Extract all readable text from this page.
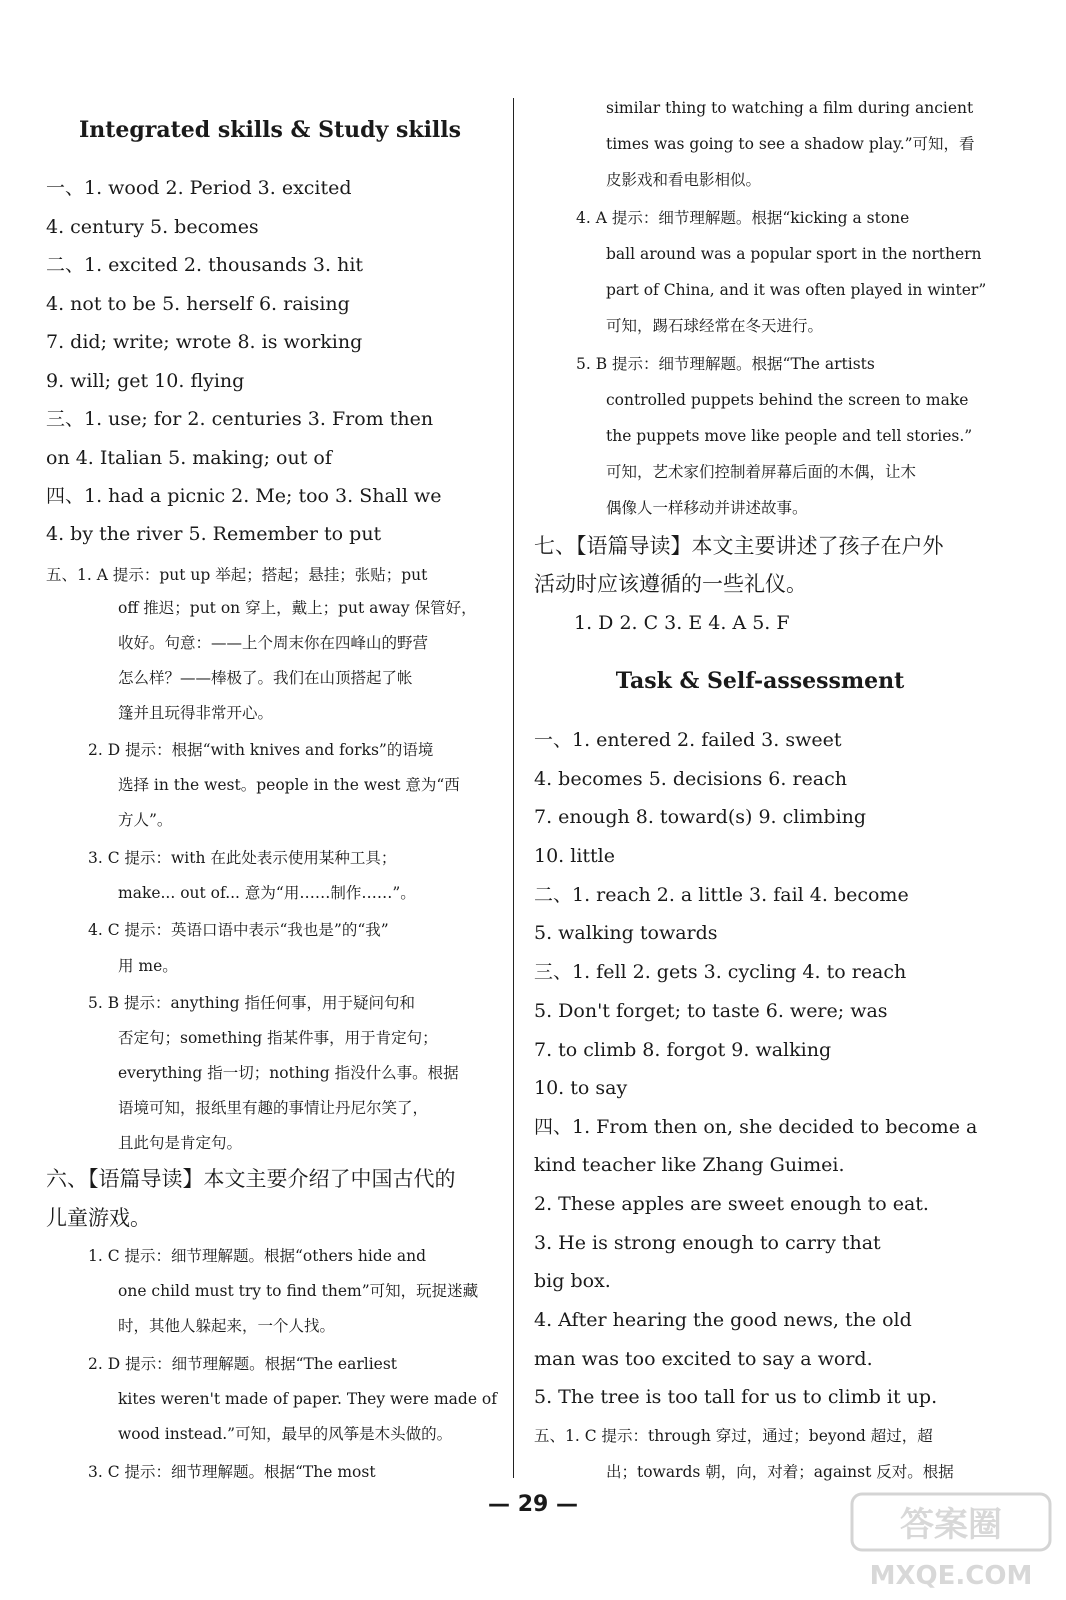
Integrated skills & Study skills
一、1. wood 2. Period 3. excited
4. century 5. becomes
二、1. excited 2. thousands 3. hit
4. not to be 5. herself 6. raising
7. did; write; wrote 8. is working
9. will; get 10. flying
三、1. use; for 2. centuries 3. From then
on 4. Italian 5. making; out of
四、1. had a picnic 2. Me; too 3. Shall we
4. by the river 5. Remember to put
五、1. A 提示：put up 举起；搭起；悬挂；张贴；put
off 推迟；put on 穿上，戴上；put away 保管好，
收好。句意：——上个周末你在四峰山的野营
怎么样？——棒极了。我们在山顶搭起了帐
篷并且玩得非常开心。
2. D 提示：根据“with knives and forks”的语境
选择 in the west。people in the west 意为“西
方人”。
3. C 提示：with 在此处表示使用某种工具；
make... out of... 意为“用……制作……”。
4. C 提示：英语口语中表示“我也是”的“我”
用 me。
5. B 提示：anything 指任何事，用于疑问句和
否定句；something 指某件事，用于肯定句；
everything 指一切；nothing 指没什么事。根据
语境可知，报纸里有趣的事情让丹尼尔笑了，
且此句是肯定句。
六、【语篇导读】本文主要介绍了中国古代的
儿童游戏。
1. C 提示：细节理解题。根据“others hide and
one child must try to find them”可知，玩捉迷藏
时，其他人躲起来，一个人找。
2. D 提示：细节理解题。根据“The earliest
kites weren't made of paper. They were made of
wood instead.”可知，最早的风筝是木头做的。
3. C 提示：细节理解题。根据“The most
similar thing to watching a film during ancient
times was going to see a shadow play.”可知，看
皮影戏和看电影相似。
4. A 提示：细节理解题。根据“kicking a stone
ball around was a popular sport in the northern
part of China, and it was often played in winter”
可知，踢石球经常在冬天进行。
5. B 提示：细节理解题。根据“The artists
controlled puppets behind the screen to make
the puppets move like people and tell stories.”
可知，艺术家们控制着屏幕后面的木偶，让木
偶像人一样移动并讲述故事。
七、【语篇导读】本文主要讲述了孩子在户外
活动时应该遵循的一些礼仪。
1. D 2. C 3. E 4. A 5. F
Task & Self-assessment
一、1. entered 2. failed 3. sweet
4. becomes 5. decisions 6. reach
7. enough 8. toward(s) 9. climbing
10. little
二、1. reach 2. a little 3. fail 4. become
5. walking towards
三、1. fell 2. gets 3. cycling 4. to reach
5. Don't forget; to taste 6. were; was
7. to climb 8. forgot 9. walking
10. to say
四、1. From then on, she decided to become a
kind teacher like Zhang Guimei.
2. These apples are sweet enough to eat.
3. He is strong enough to carry that
big box.
4. After hearing the good news, the old
man was too excited to say a word.
5. The tree is too tall for us to climb it up.
五、1. C 提示：through 穿过，通过；beyond 超过，超
出；towards 朝，向，对着；against 反对。根据
— 29 —
答案圈
MXQE.COM
